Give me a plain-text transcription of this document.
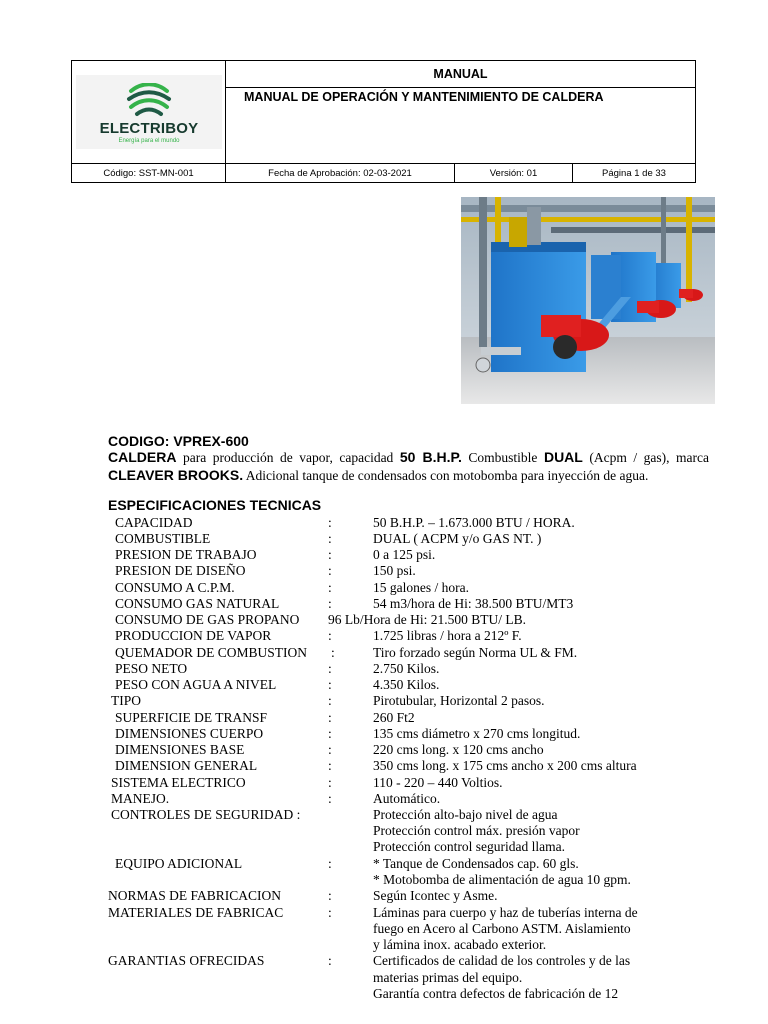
ELECTRIBOY
Energía para el mundo
MANUAL
MANUAL DE OPERACIÓN Y MANTENIMIENTO DE CALDERA
Código: SST-MN-001	Fecha de Aprobación: 02-03-2021	Versión: 01	Página 1 de 33
CODIGO: VPREX-600
CALDERA para producción de vapor, capacidad 50 B.H.P. Combustible DUAL (Acpm / gas), marca CLEAVER BROOKS. Adicional tanque de condensados con motobomba para inyección de agua.
ESPECIFICACIONES TECNICAS
CAPACIDAD	:	50 B.H.P. – 1.673.000 BTU / HORA.
COMBUSTIBLE	:	DUAL ( ACPM y/o GAS NT. )
PRESION DE TRABAJO	:	0 a 125 psi.
PRESION DE DISEÑO	:	150 psi.
CONSUMO A C.P.M.	:	15 galones / hora.
CONSUMO GAS NATURAL	:	54 m3/hora de Hi: 38.500 BTU/MT3
CONSUMO DE GAS PROPANO 96 Lb/Hora de Hi: 21.500 BTU/ LB.
PRODUCCION DE VAPOR	:	1.725 libras / hora a 212º F.
QUEMADOR DE COMBUSTION :	Tiro forzado según Norma UL & FM.
PESO NETO	:	2.750 Kilos.
PESO CON AGUA A NIVEL	:	4.350 Kilos.
TIPO	:	Pirotubular, Horizontal 2 pasos.
SUPERFICIE DE TRANSF	:	260 Ft2
DIMENSIONES CUERPO	:	135 cms diámetro x 270 cms longitud.
DIMENSIONES BASE	:	220 cms long. x 120 cms ancho
DIMENSION GENERAL	:	350 cms long. x 175 cms ancho x 200 cms altura
SISTEMA ELECTRICO	:	110 - 220 – 440 Voltios.
MANEJO.	:	Automático.
CONTROLES DE SEGURIDAD :	Protección alto-bajo nivel de agua
Protección control máx. presión vapor
Protección control seguridad llama.
EQUIPO ADICIONAL	:	* Tanque de Condensados cap. 60 gls.
* Motobomba de alimentación de agua 10 gpm.
NORMAS DE FABRICACION	:	Según Icontec y Asme.
MATERIALES DE FABRICAC	:	Láminas para cuerpo y haz de tuberías interna de
fuego en Acero al Carbono ASTM. Aislamiento
y lámina inox. acabado exterior.
GARANTIAS OFRECIDAS	:	Certificados de calidad de los controles y de las
materias primas del equipo.
Garantía contra defectos de fabricación de 12
